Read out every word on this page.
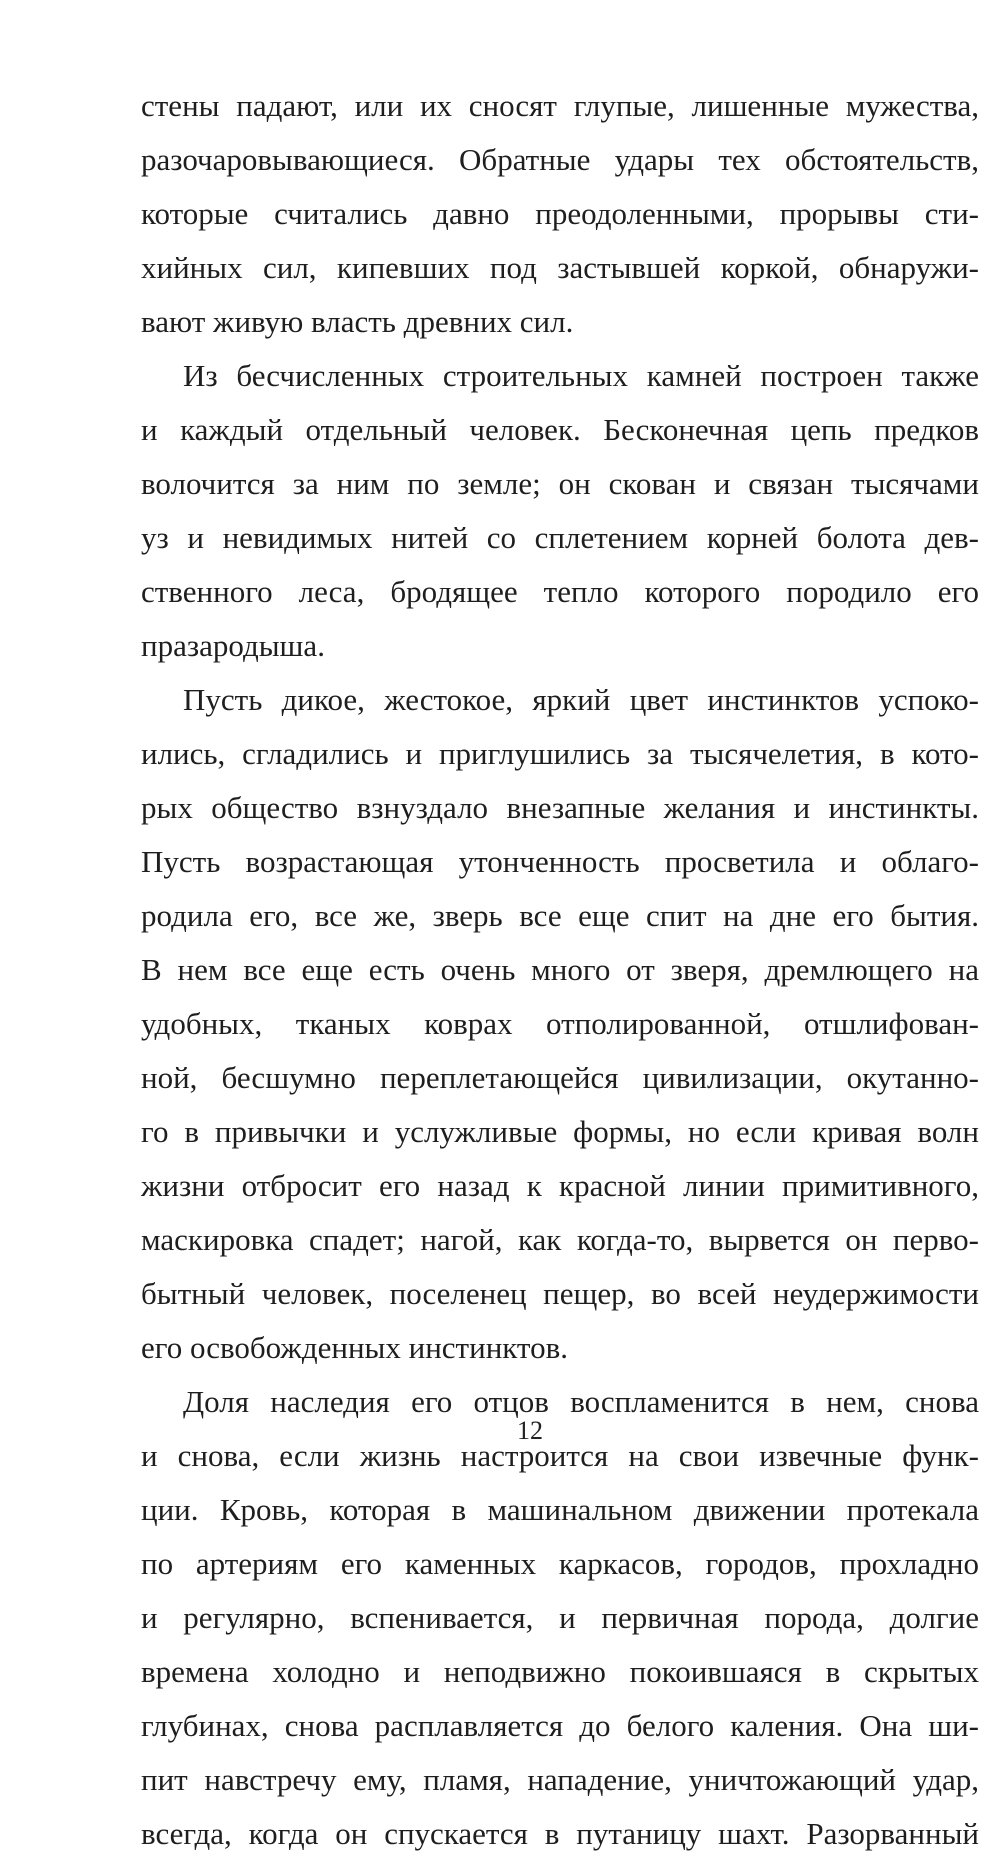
стены падают, или их сносят глупые, лишенные мужества,
разочаровывающиеся. Обратные удары тех обстоятельств,
которые считались давно преодоленными, прорывы сти-
хийных сил, кипевших под застывшей коркой, обнаружи-
вают живую власть древних сил.
Из бесчисленных строительных камней построен также
и каждый отдельный человек. Бесконечная цепь предков
волочится за ним по земле; он скован и связан тысячами
уз и невидимых нитей со сплетением корней болота дев-
ственного леса, бродящее тепло которого породило его
празародыша.
Пусть дикое, жестокое, яркий цвет инстинктов успоко-
ились, сгладились и приглушились за тысячелетия, в кото-
рых общество взнуздало внезапные желания и инстинкты.
Пусть возрастающая утонченность просветила и облаго-
родила его, все же, зверь все еще спит на дне его бытия.
В нем все еще есть очень много от зверя, дремлющего на
удобных, тканых коврах отполированной, отшлифован-
ной, бесшумно переплетающейся цивилизации, окутанно-
го в привычки и услужливые формы, но если кривая волн
жизни отбросит его назад к красной линии примитивного,
маскировка спадет; нагой, как когда-то, вырвется он перво-
бытный человек, поселенец пещер, во всей неудержимости
его освобожденных инстинктов.
Доля наследия его отцов воспламенится в нем, снова
и снова, если жизнь настроится на свои извечные функ-
ции. Кровь, которая в машинальном движении протекала
по артериям его каменных каркасов, городов, прохладно
и регулярно, вспенивается, и первичная порода, долгие
времена холодно и неподвижно покоившаяся в скрытых
глубинах, снова расплавляется до белого каления. Она ши-
пит навстречу ему, пламя, нападение, уничтожающий удар,
всегда, когда он спускается в путаницу шахт. Разорванный
12
